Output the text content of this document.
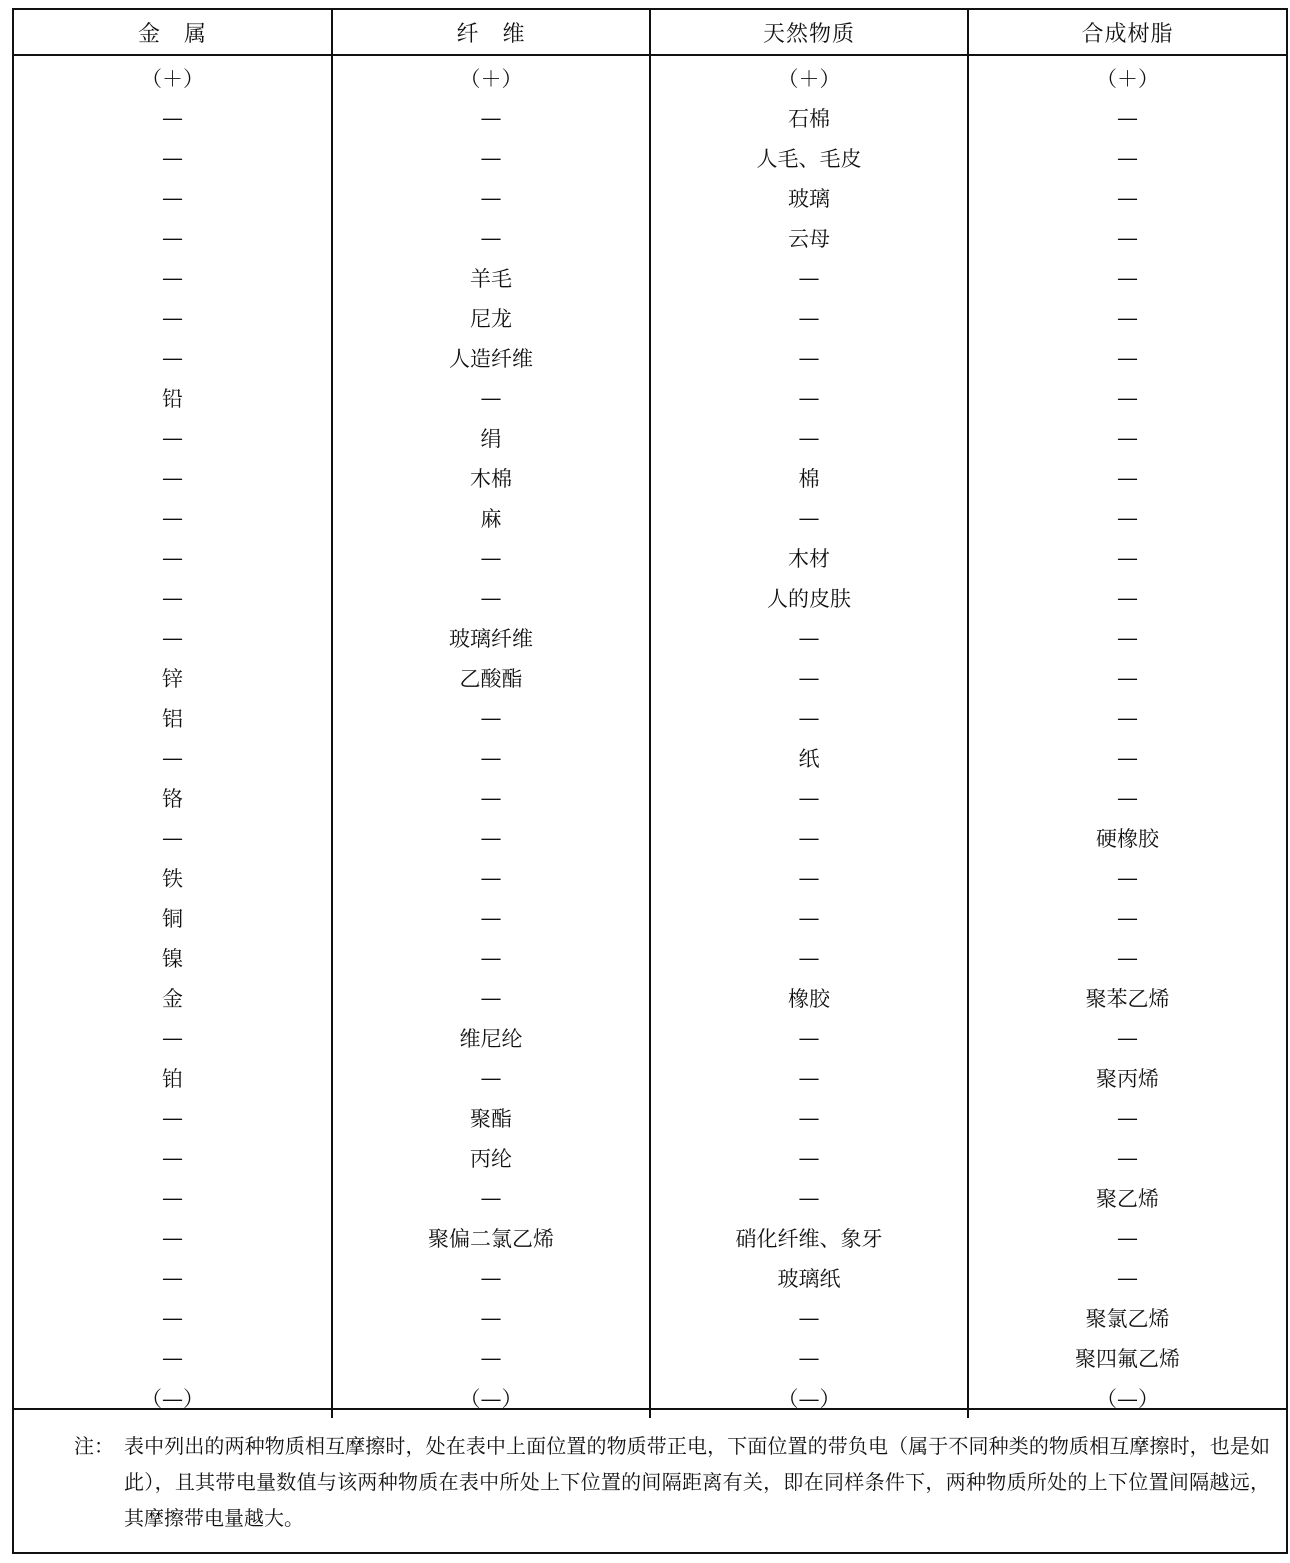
金　属	纤　维	天然物质	合成树脂
（＋）	（＋）	（＋）	（＋）
—	—	石棉	—
—	—	人毛、毛皮	—
—	—	玻璃	—
—	—	云母	—
—	羊毛	—	—
—	尼龙	—	—
—	人造纤维	—	—
铅	—	—	—
—	绢	—	—
—	木棉	棉	—
—	麻	—	—
—	—	木材	—
—	—	人的皮肤	—
—	玻璃纤维	—	—
锌	乙酸酯	—	—
铝	—	—	—
—	—	纸	—
铬	—	—	—
—	—	—	硬橡胶
铁	—	—	—
铜	—	—	—
镍	—	—	—
金	—	橡胶	聚苯乙烯
—	维尼纶	—	—
铂	—	—	聚丙烯
—	聚酯	—	—
—	丙纶	—	—
—	—	—	聚乙烯
—	聚偏二氯乙烯	硝化纤维、象牙	—
—	—	玻璃纸	—
—	—	—	聚氯乙烯
—	—	—	聚四氟乙烯
（—）	（—）	（—）	（—）
注： 表中列出的两种物质相互摩擦时，处在表中上面位置的物质带正电，下面位置的带负电（属于不同种类的物质相互摩擦时，也是如此），且其带电量数值与该两种物质在表中所处上下位置的间隔距离有关，即在同样条件下，两种物质所处的上下位置间隔越远，其摩擦带电量越大。
